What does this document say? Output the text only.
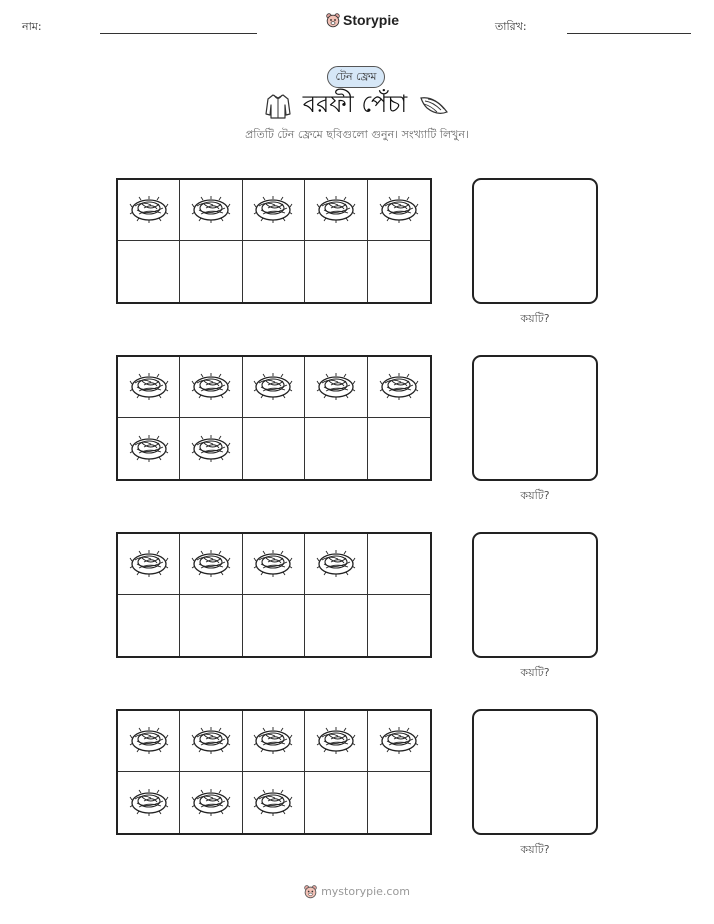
নাম:	Storypie	তারিখ:
টেন ফ্রেম
বরফী পেঁচা
প্রতিটি টেন ফ্রেমে ছবিগুলো গুনুন। সংখ্যাটি লিখুন।
কয়টি?
কয়টি?
কয়টি?
কয়টি?
mystorypie.com
